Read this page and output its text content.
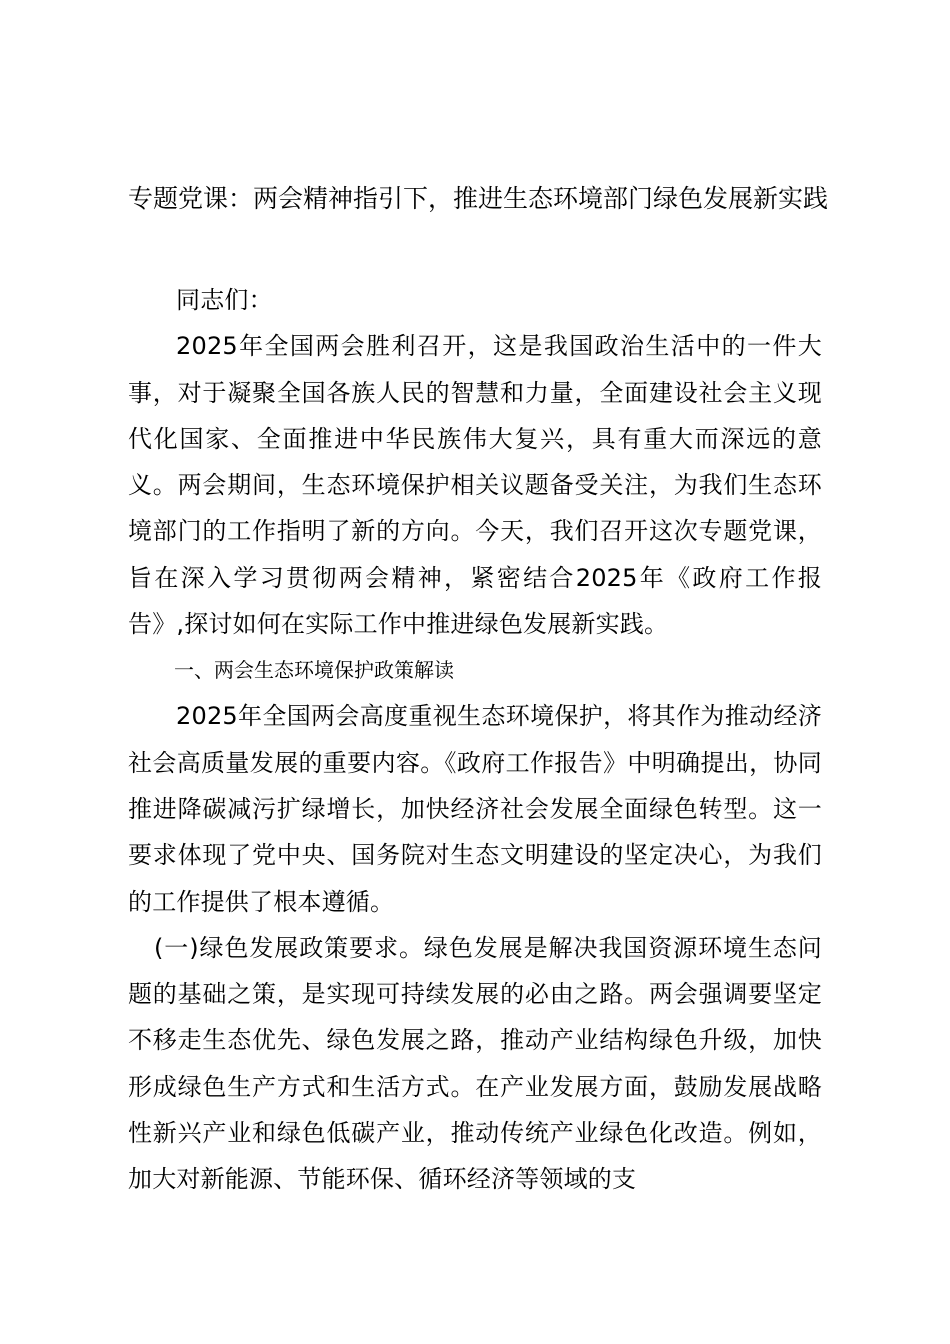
专题党课：两会精神指引下，推进生态环境部门绿色发展新实践

同志们：

2025年全国两会胜利召开，这是我国政治生活中的一件大事，对于凝聚全国各族人民的智慧和力量，全面建设社会主义现代化国家、全面推进中华民族伟大复兴，具有重大而深远的意义。两会期间，生态环境保护相关议题备受关注，为我们生态环境部门的工作指明了新的方向。今天，我们召开这次专题党课，旨在深入学习贯彻两会精神，紧密结合2025年《政府工作报告》,探讨如何在实际工作中推进绿色发展新实践。

一、两会生态环境保护政策解读

2025年全国两会高度重视生态环境保护，将其作为推动经济社会高质量发展的重要内容。《政府工作报告》中明确提出，协同推进降碳减污扩绿增长，加快经济社会发展全面绿色转型。这一要求体现了党中央、国务院对生态文明建设的坚定决心，为我们的工作提供了根本遵循。

(一)绿色发展政策要求。绿色发展是解决我国资源环境生态问题的基础之策，是实现可持续发展的必由之路。两会强调要坚定不移走生态优先、绿色发展之路，推动产业结构绿色升级，加快形成绿色生产方式和生活方式。在产业发展方面，鼓励发展战略性新兴产业和绿色低碳产业，推动传统产业绿色化改造。例如，加大对新能源、节能环保、循环经济等领域的支
